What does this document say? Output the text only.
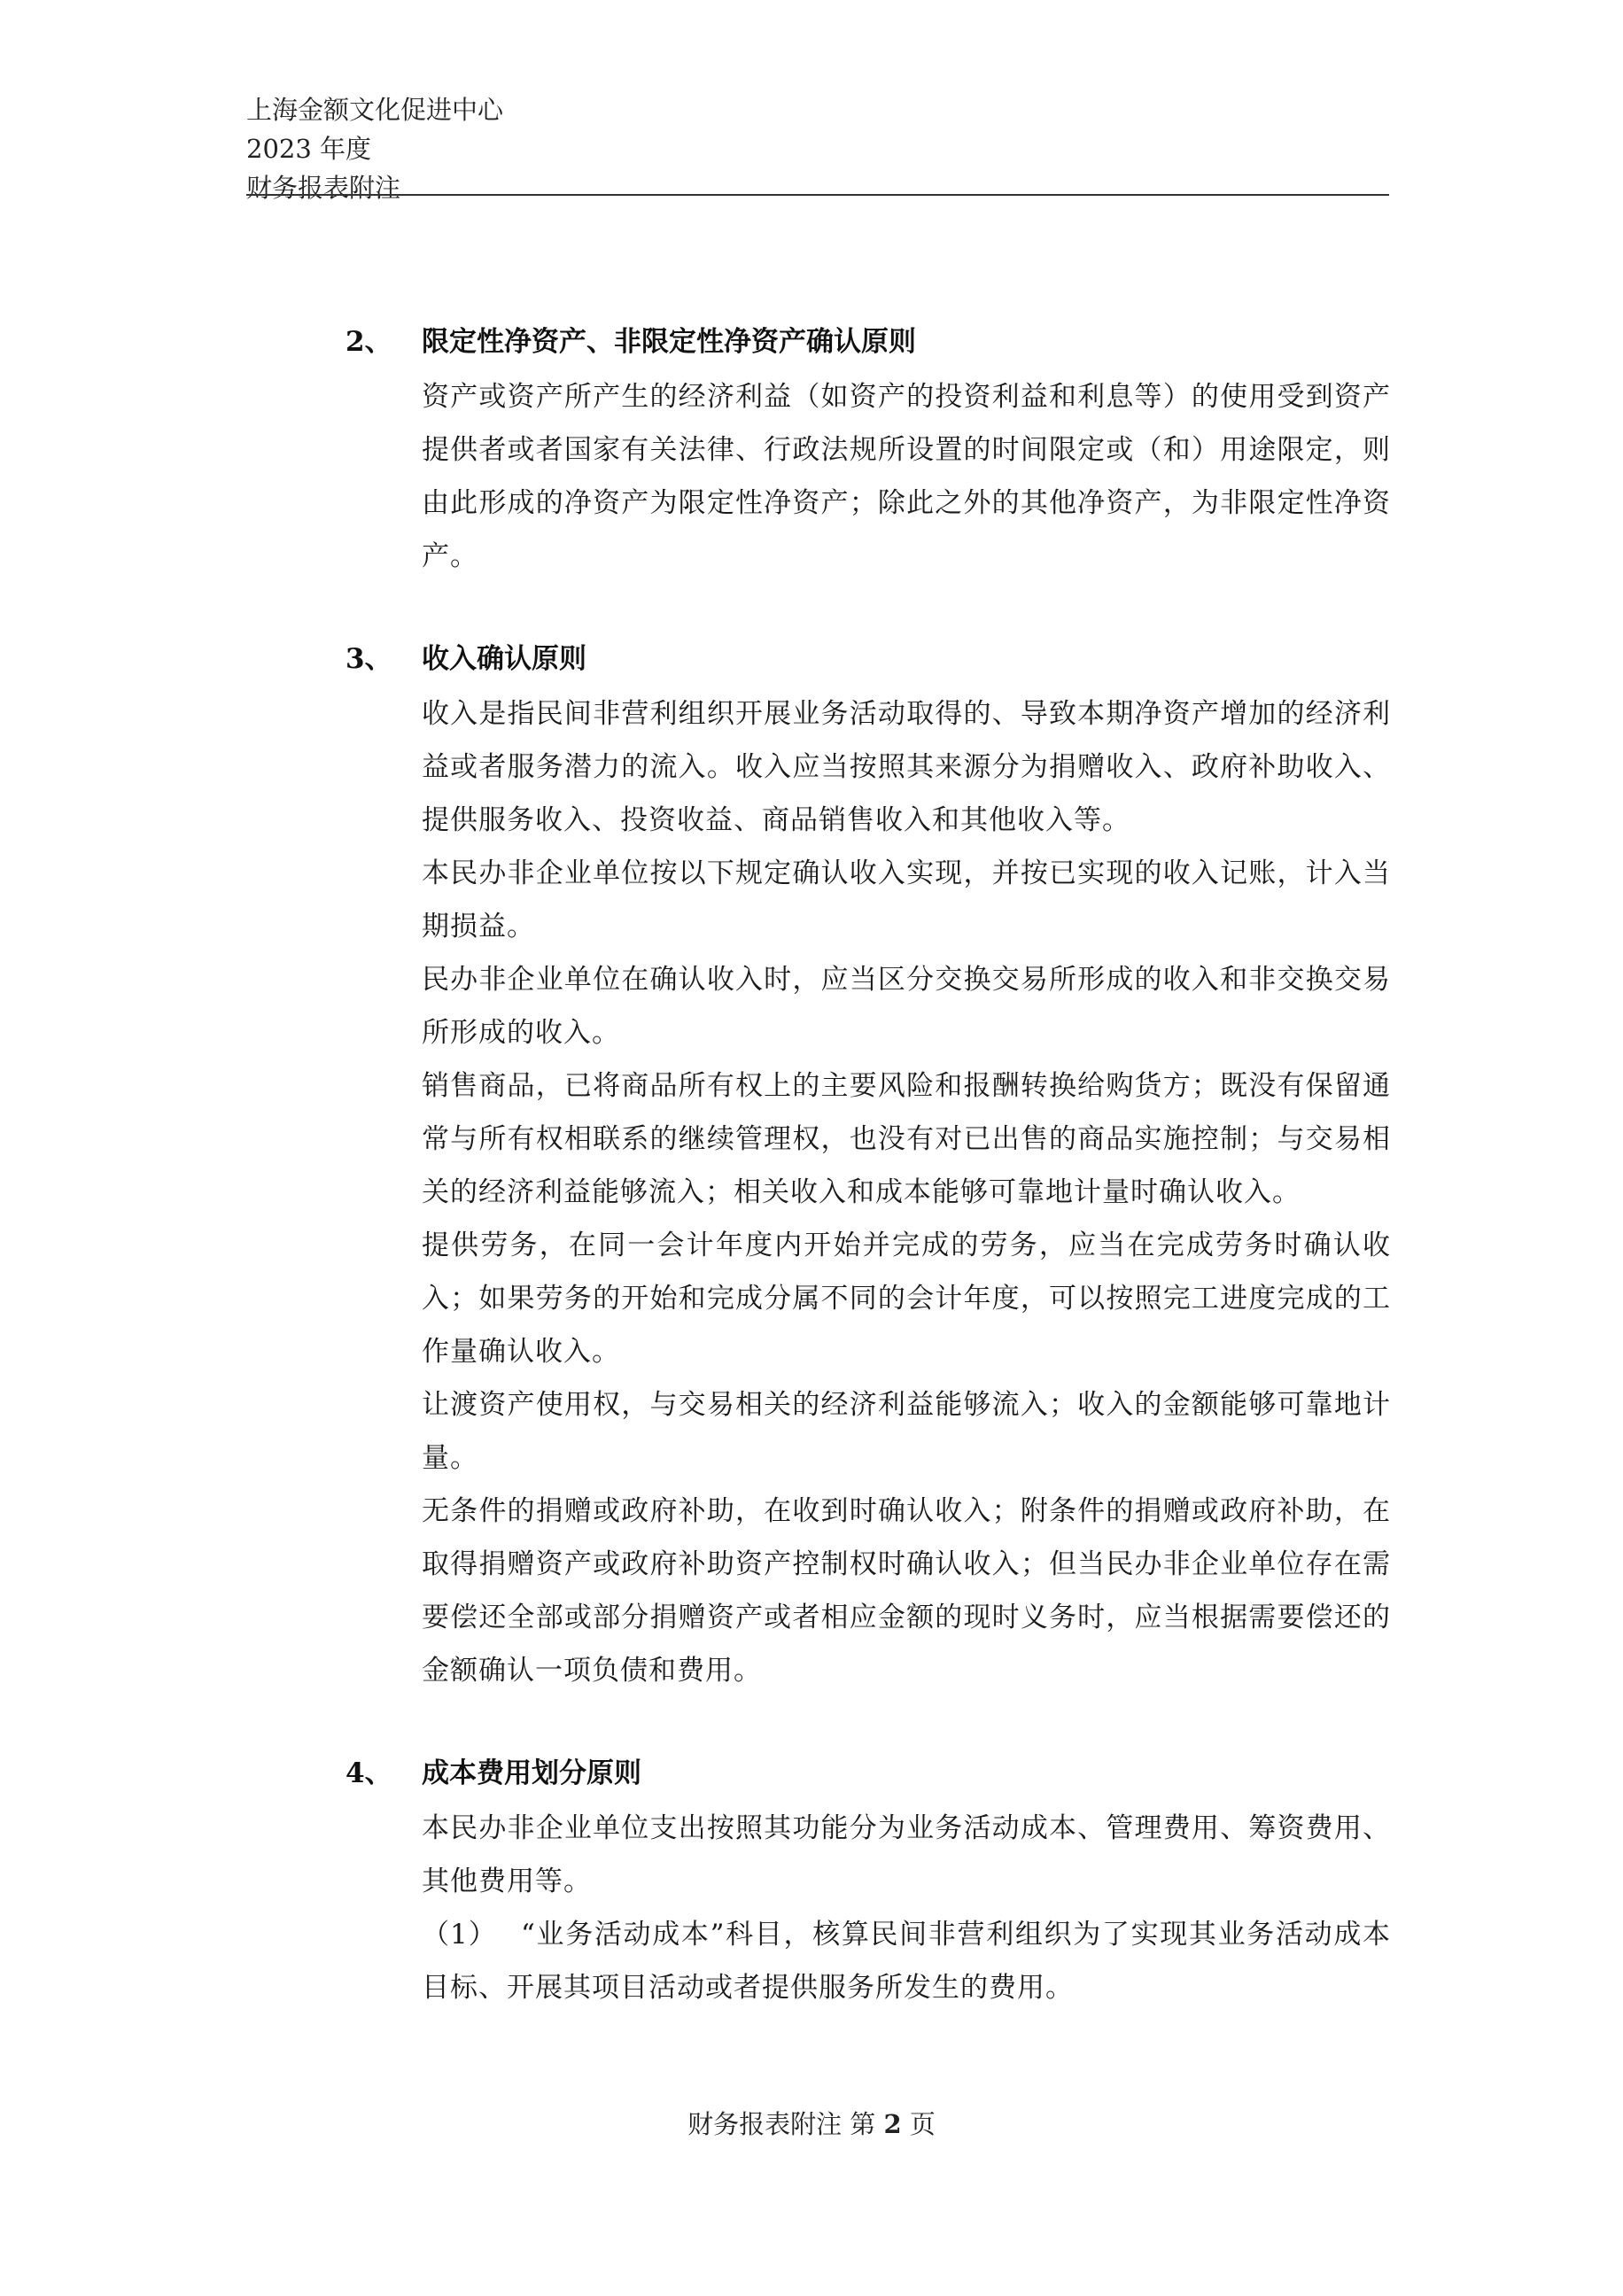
上海金额文化促进中心
2023 年度
财务报表附注
2、 限定性净资产、非限定性净资产确认原则

资产或资产所产生的经济利益（如资产的投资利益和利息等）的使用受到资产提供者或者国家有关法律、行政法规所设置的时间限定或（和）用途限定，则由此形成的净资产为限定性净资产；除此之外的其他净资产，为非限定性净资产。

3、 收入确认原则

收入是指民间非营利组织开展业务活动取得的、导致本期净资产增加的经济利益或者服务潜力的流入。收入应当按照其来源分为捐赠收入、政府补助收入、提供服务收入、投资收益、商品销售收入和其他收入等。

本民办非企业单位按以下规定确认收入实现，并按已实现的收入记账，计入当期损益。

民办非企业单位在确认收入时，应当区分交换交易所形成的收入和非交换交易所形成的收入。

销售商品，已将商品所有权上的主要风险和报酬转换给购货方；既没有保留通常与所有权相联系的继续管理权，也没有对已出售的商品实施控制；与交易相关的经济利益能够流入；相关收入和成本能够可靠地计量时确认收入。

提供劳务，在同一会计年度内开始并完成的劳务，应当在完成劳务时确认收入；如果劳务的开始和完成分属不同的会计年度，可以按照完工进度完成的工作量确认收入。

让渡资产使用权，与交易相关的经济利益能够流入；收入的金额能够可靠地计量。

无条件的捐赠或政府补助，在收到时确认收入；附条件的捐赠或政府补助，在取得捐赠资产或政府补助资产控制权时确认收入；但当民办非企业单位存在需要偿还全部或部分捐赠资产或者相应金额的现时义务时，应当根据需要偿还的金额确认一项负债和费用。

4、 成本费用划分原则

本民办非企业单位支出按照其功能分为业务活动成本、管理费用、筹资费用、其他费用等。

（1） “业务活动成本”科目，核算民间非营利组织为了实现其业务活动成本目标、开展其项目活动或者提供服务所发生的费用。

财务报表附注 第 2 页
